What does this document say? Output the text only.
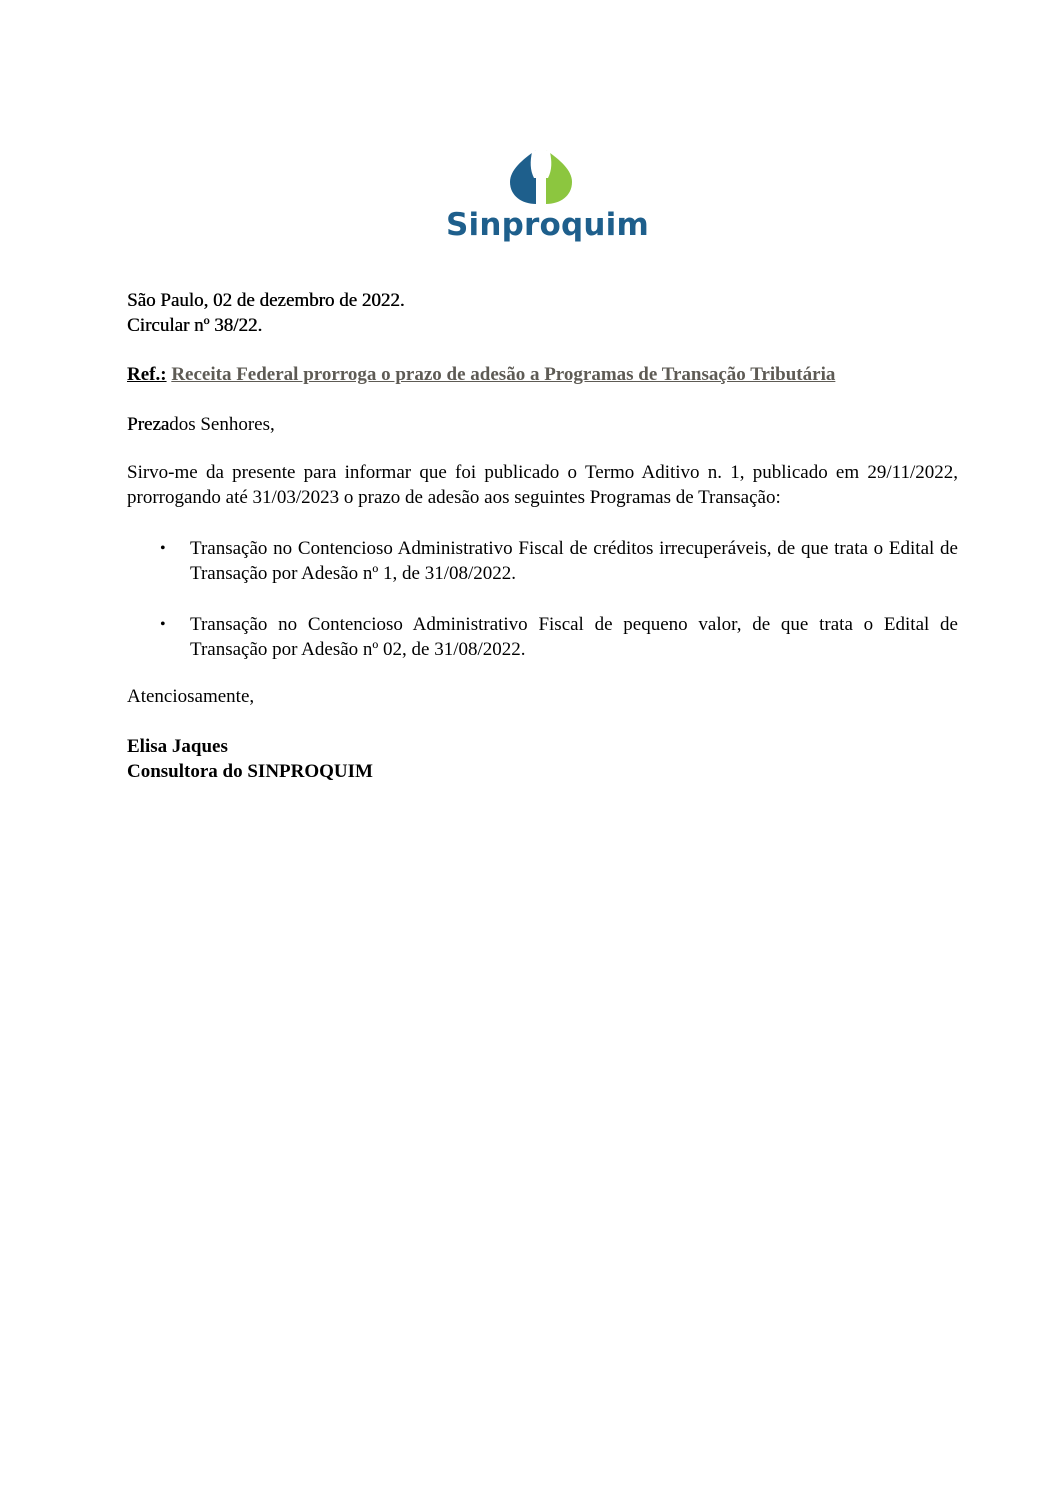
Sinproquim
São Paulo, 02 de dezembro de 2022.
Circular nº 38/22.
Ref.: Receita Federal prorroga o prazo de adesão a Programas de Transação Tributária
Prezados Senhores,
Sirvo-me da presente para informar que foi publicado o Termo Aditivo n. 1, publicado em 29/11/2022, prorrogando até 31/03/2023 o prazo de adesão aos seguintes Programas de Transação:
• Transação no Contencioso Administrativo Fiscal de créditos irrecuperáveis, de que trata o Edital de Transação por Adesão nº 1, de 31/08/2022.
• Transação no Contencioso Administrativo Fiscal de pequeno valor, de que trata o Edital de Transação por Adesão nº 02, de 31/08/2022.
Atenciosamente,
Elisa Jaques
Consultora do SINPROQUIM
